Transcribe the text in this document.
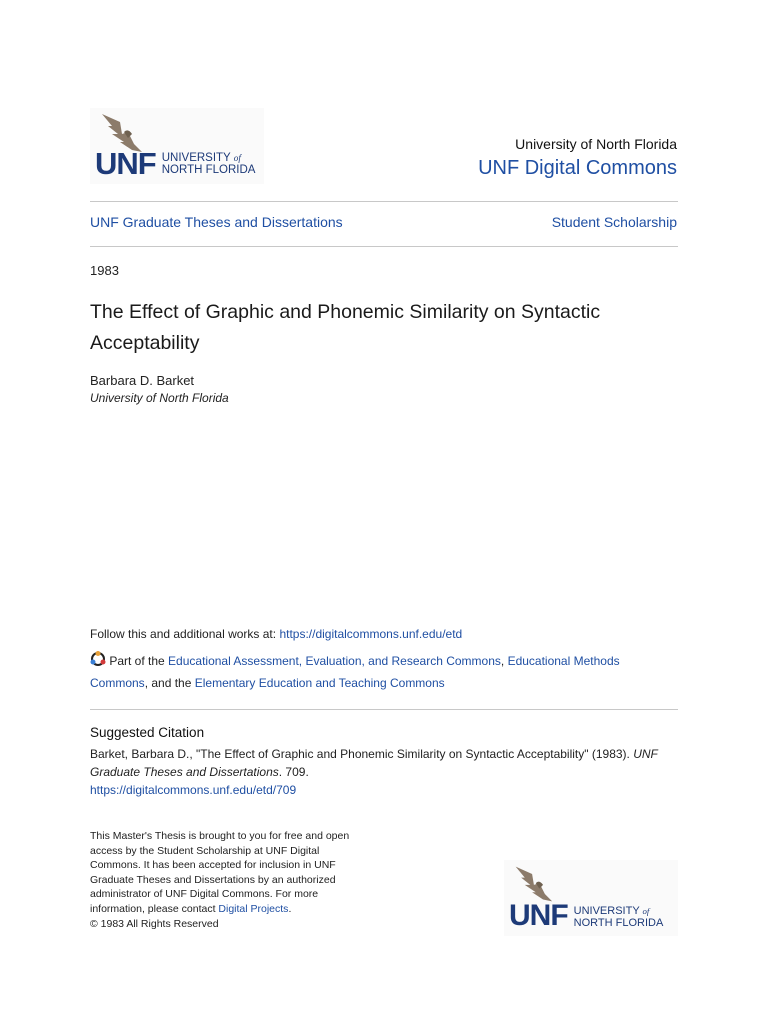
UNF UNIVERSITY of
NORTH FLORIDA
University of North Florida
UNF Digital Commons
UNF Graduate Theses and Dissertations	Student Scholarship
1983
The Effect of Graphic and Phonemic Similarity on Syntactic Acceptability
Barbara D. Barket
University of North Florida
Follow this and additional works at: https://digitalcommons.unf.edu/etd
Part of the Educational Assessment, Evaluation, and Research Commons, Educational Methods
Commons, and the Elementary Education and Teaching Commons
Suggested Citation
Barket, Barbara D., "The Effect of Graphic and Phonemic Similarity on Syntactic Acceptability" (1983). UNF
Graduate Theses and Dissertations. 709.
https://digitalcommons.unf.edu/etd/709
This Master's Thesis is brought to you for free and open
access by the Student Scholarship at UNF Digital
Commons. It has been accepted for inclusion in UNF
Graduate Theses and Dissertations by an authorized
administrator of UNF Digital Commons. For more
information, please contact Digital Projects.
© 1983 All Rights Reserved	UNF UNIVERSITY of
NORTH FLORIDA
